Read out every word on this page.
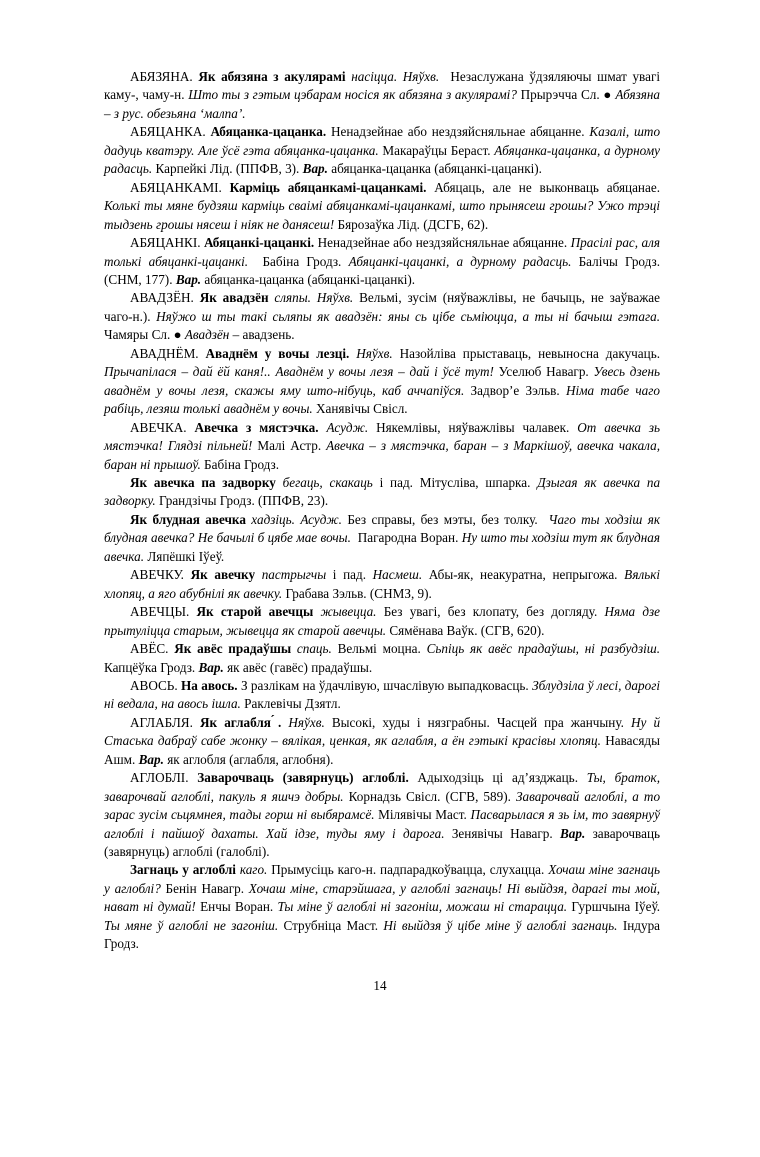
АБЯЗЯНА. Як абязяна з акулярамі насіцца. Няўхв. Незаслужана ўдзяляючы шмат увагі каму-, чаму-н. Што ты з гэтым цэбарам носіся як абязяна з акулярамі? Прырэчча Сл. ● Абязяна – з рус. обезьяна ‘малпа’.

АБЯЦАНКА. Абяцанка-цацанка. Ненадзейнае або нездзяйсняльнае абяцанне. Казалі, што дадуць кватэру. Але ўсё гэта абяцанка-цацанка. Макараўцы Бераст. Абяцанка-цацанка, а дурному радасць. Карпейкі Лід. (ППФВ, 3). Вар. абяцанка-цацанка (абяцанкі-цацанкі).

АБЯЦАНКАМІ. Карміць абяцанкамі-цацанкамі. Абяцаць, але не выконваць абяцанае. Колькі ты мяне будзяш карміць сваімі абяцанкамі-цацанкамі, што прынясеш грошы? Ужо трэці тыдзень грошы нясеш і ніяк не данясеш! Бярозаўка Лід. (ДСГБ, 62).

АБЯЦАНКІ. Абяцанкі-цацанкі. Ненадзейнае або нездзяйсняльнае абяцанне. Прасілі рас, аля толькі абяцанкі-цацанкі. Бабіна Гродз. Абяцанкі-цацанкі, а дурному радасць. Балічы Гродз. (СНМ, 177). Вар. абяцанка-цацанка (абяцанкі-цацанкі).

АВАДЗЁН. Як авадзён сляпы. Няўхв. Вельмі, зусім (няўважлівы, не бачыць, не заўважае чаго-н.). Няўжо ш ты такі сьляпы як авадзён: яны сь цібе сьміюцца, а ты ні бачыш гэтага. Чамяры Сл. ● Авадзён – авадзень.

АВАДНЁМ. Аваднём у вочы лезці. Няўхв. Назойліва прыставаць, невыносна дакучаць. Прычапілася – дай ёй каня!.. Аваднём у вочы лезя – дай і ўсё тут! Уселюб Навагр. Увесь дзень аваднём у вочы лезя, скажы яму што-нібуць, каб аччапіўся. Задвор’е Зэльв. Німа табе чаго рабіць, лезяш толькі аваднём у вочы. Ханявічы Свісл.

АВЕЧКА. Авечка з мястэчка. Асудж. Някемлівы, няўважлівы чалавек. От авечка зь мястэчка! Глядзі пільней! Малі Астр. Авечка – з мястэчка, баран – з Маркішоў, авечка чакала, баран ні прышоў. Бабіна Гродз.

Як авечка па задворку бегаць, скакаць і пад. Мітусліва, шпарка. Дзыгая як авечка па задворку. Грандзічы Гродз. (ППФВ, 23).

Як блудная авечка хадзіць. Асудж. Без справы, без мэты, без толку. Чаго ты ходзіш як блудная авечка? Не бачылі б цябе мае вочы. Пагародна Воран. Ну што ты ходзіш тут як блудная авечка. Ляпёшкі Іўеў.

АВЕЧКУ. Як авечку пастрыгчы і пад. Насмеш. Абы-як, неакуратна, непрыгожа. Вялькі хлопяц, а яго абубнілі як авечку. Грабава Зэльв. (СНМЗ, 9).

АВЕЧЦЫ. Як старой авечцы жывецца. Без увагі, без клопату, без догляду. Няма дзе прытуліцца старым, жывецца як старой авечцы. Сямёнава Ваўк. (СГВ, 620).

АВЁС. Як авёс прадаўшы спаць. Вельмі моцна. Сьпіць як авёс прадаўшы, ні разбудзіш. Капцёўка Гродз. Вар. як авёс (гавёс) прадаўшы.

АВОСЬ. На авось. З разлікам на ўдачлівую, шчаслівую выпадковасць. Зблудзіла ў лесі, дарогі ні ведала, на авось ішла. Раклевічы Дзятл.

АГЛАБЛЯ. Як аглабля ́. Няўхв. Высокі, худы і нязграбны. Часцей пра жанчыну. Ну й Стаська дабраў сабе жонку – вялікая, ценкая, як аглабля, а ён гэтыкі красівы хлопяц. Навасяды Ашм. Вар. як аглобля (аглабля, аглобня).

АГЛОБЛІ. Заварочваць (завярнуць) аглоблі. Адыходзіць ці ад’язджаць. Ты, браток, заварочвай аглоблі, пакуль я яшчэ добры. Корнадзь Свісл. (СГВ, 589). Заварочвай аглоблі, а то зарас зусім сьцямнея, тады горш ні выбярамсё. Мілявічы Маст. Пасварылася я зь ім, то завярнуў аглоблі і пайшоў дахаты. Хай ідзе, туды яму і дарога. Зенявічы Навагр. Вар. заварочваць (завярнуць) аглоблі (галоблі).

Загнаць у аглоблі каго. Прымусіць каго-н. падпарадкоўвацца, слухацца. Хочаш міне загнаць у аглоблі? Бенін Навагр. Хочаш міне, старэйшага, у аглоблі загнаць! Ні выйдзя, дарагі ты мой, нават ні думай! Енчы Воран. Ты міне ў аглоблі ні загоніш, можаш ні старацца. Гуршчына Іўеў. Ты мяне ў аглоблі не загоніш. Струбніца Маст. Ні выйдзя ў цібе міне ў аглоблі загнаць. Індура Гродз.

14
